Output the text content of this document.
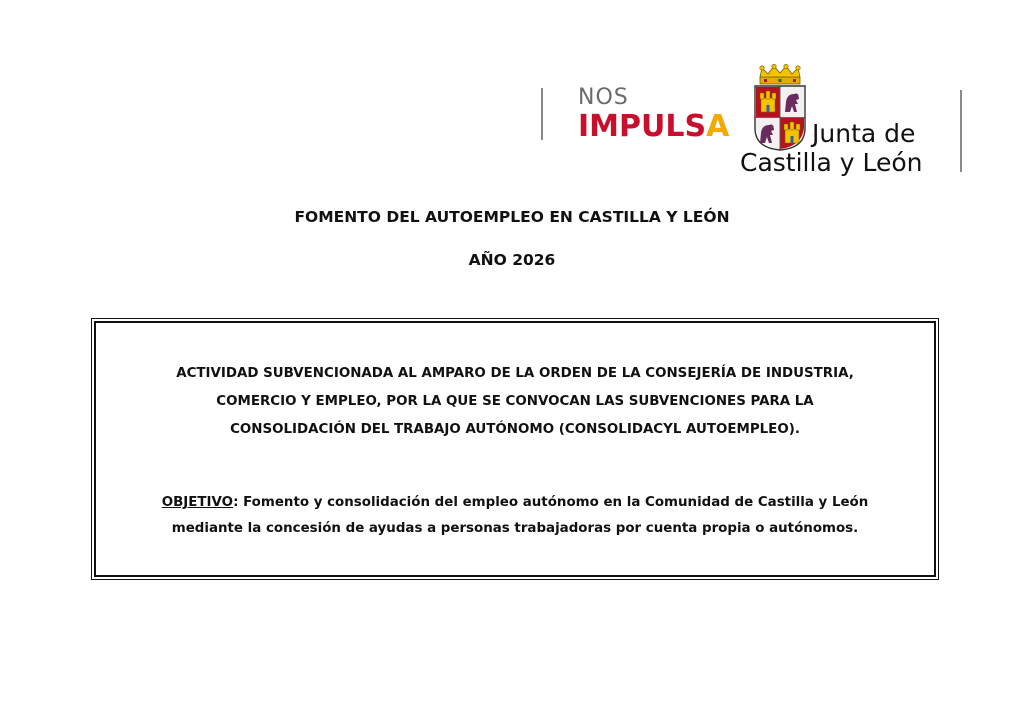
NOS
IMPULSA	Junta de
Castilla y León
FOMENTO DEL AUTOEMPLEO EN CASTILLA Y LEÓN
AÑO 2026
ACTIVIDAD SUBVENCIONADA AL AMPARO DE LA ORDEN DE LA CONSEJERÍA DE INDUSTRIA,
COMERCIO Y EMPLEO, POR LA QUE SE CONVOCAN LAS SUBVENCIONES PARA LA
CONSOLIDACIÓN DEL TRABAJO AUTÓNOMO (CONSOLIDACYL AUTOEMPLEO).
OBJETIVO: Fomento y consolidación del empleo autónomo en la Comunidad de Castilla y León
mediante la concesión de ayudas a personas trabajadoras por cuenta propia o autónomos.
